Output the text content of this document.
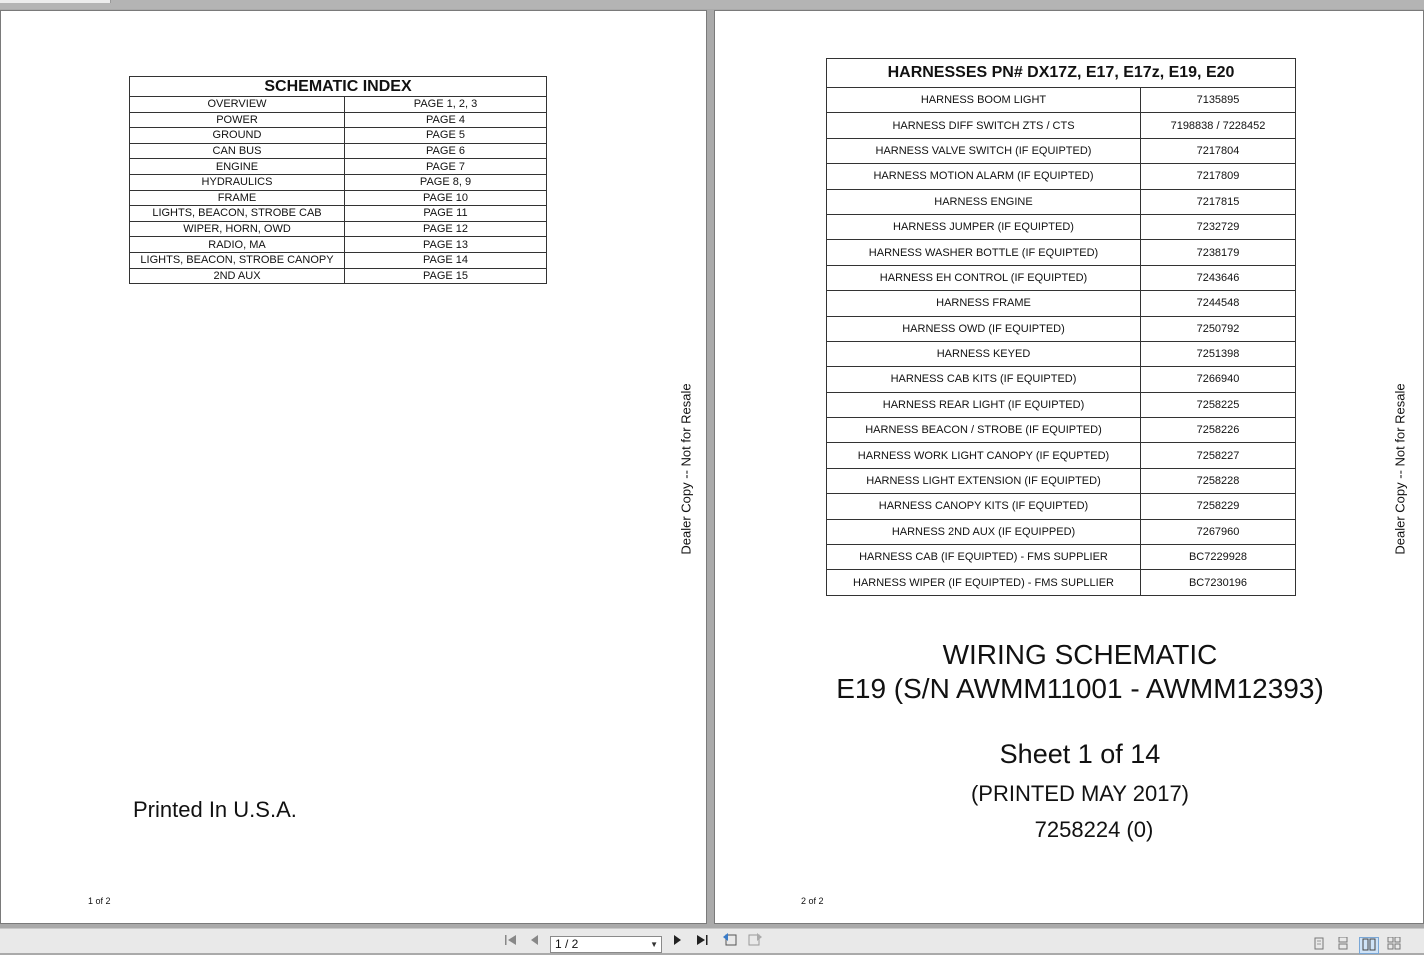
SCHEMATIC INDEX	
OVERVIEW	PAGE 1, 2, 3
POWER	PAGE 4
GROUND	PAGE 5
CAN BUS	PAGE 6
ENGINE	PAGE 7
HYDRAULICS	PAGE 8, 9
FRAME	PAGE 10
LIGHTS, BEACON, STROBE CAB	PAGE 11
WIPER, HORN, OWD	PAGE 12
RADIO, MA	PAGE 13
LIGHTS, BEACON, STROBE CANOPY	PAGE 14
2ND AUX	PAGE 15
Dealer Copy -- Not for Resale
Printed In U.S.A.
1 of 2
HARNESSES PN# DX17Z, E17, E17z, E19, E20	
HARNESS BOOM LIGHT	7135895
HARNESS DIFF SWITCH ZTS / CTS	7198838 / 7228452
HARNESS VALVE SWITCH (IF EQUIPTED)	7217804
HARNESS MOTION ALARM (IF EQUIPTED)	7217809
HARNESS ENGINE	7217815
HARNESS JUMPER (IF EQUIPTED)	7232729
HARNESS WASHER BOTTLE (IF EQUIPTED)	7238179
HARNESS EH CONTROL (IF EQUIPTED)	7243646
HARNESS FRAME	7244548
HARNESS OWD (IF EQUIPTED)	7250792
HARNESS KEYED	7251398
HARNESS CAB KITS (IF EQUIPTED)	7266940
HARNESS REAR LIGHT (IF EQUIPTED)	7258225
HARNESS BEACON / STROBE (IF EQUIPTED)	7258226
HARNESS WORK LIGHT CANOPY (IF EQUPTED)	7258227
HARNESS LIGHT EXTENSION (IF EQUIPTED)	7258228
HARNESS CANOPY KITS (IF EQUIPTED)	7258229
HARNESS 2ND AUX (IF EQUIPPED)	7267960
HARNESS CAB (IF EQUIPTED) - FMS SUPPLIER	BC7229928
HARNESS WIPER (IF EQUIPTED) - FMS SUPLLIER	BC7230196
WIRING SCHEMATIC
E19 (S/N AWMM11001 - AWMM12393)
Sheet 1 of 14
(PRINTED MAY 2017)
7258224 (0)
Dealer Copy -- Not for Resale
2 of 2
1 / 2	▼
